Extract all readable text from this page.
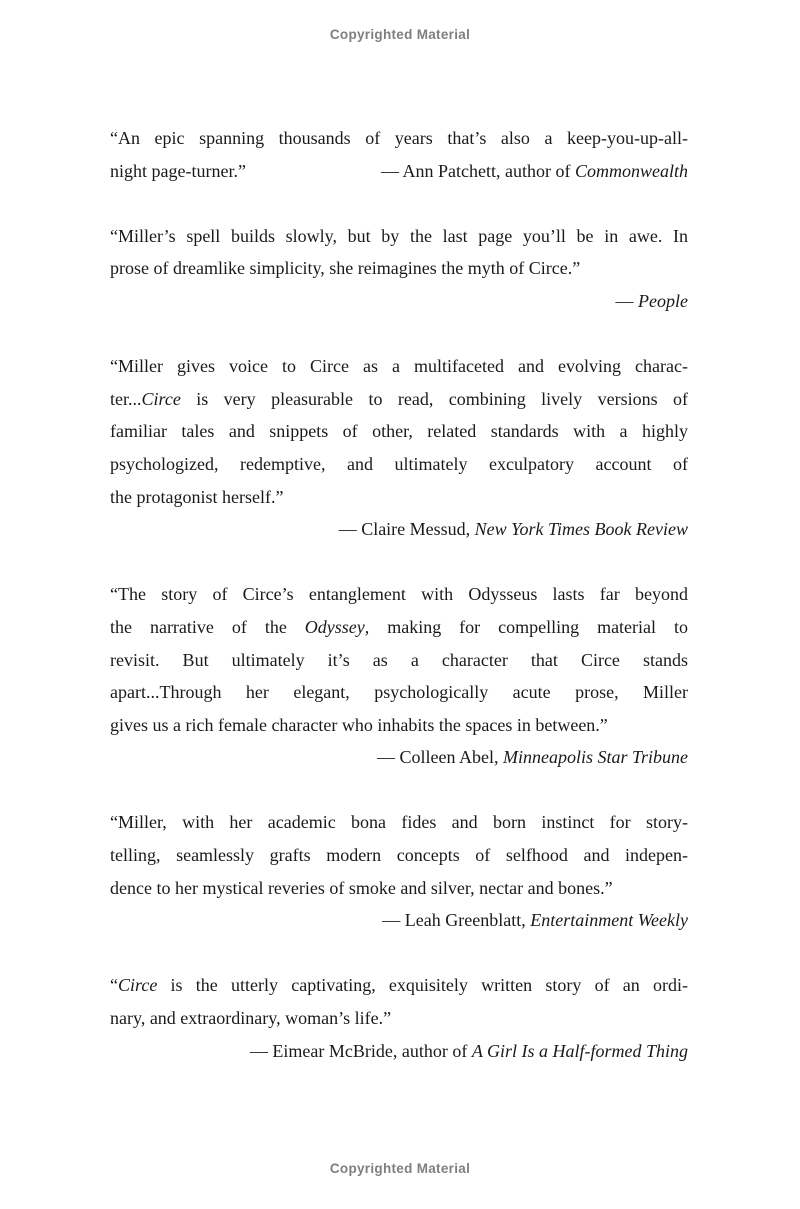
Copyrighted Material
“An epic spanning thousands of years that’s also a keep-you-up-all-
night page-turner.”	— Ann Patchett, author of Commonwealth
“Miller’s spell builds slowly, but by the last page you’ll be in awe. In
prose of dreamlike simplicity, she reimagines the myth of Circe.”
— People
“Miller gives voice to Circe as a multifaceted and evolving charac-
ter...Circe is very pleasurable to read, combining lively versions of
familiar tales and snippets of other, related standards with a highly
psychologized, redemptive, and ultimately exculpatory account of
the protagonist herself.”
— Claire Messud, New York Times Book Review
“The story of Circe’s entanglement with Odysseus lasts far beyond
the narrative of the Odyssey, making for compelling material to
revisit. But ultimately it’s as a character that Circe stands
apart...Through her elegant, psychologically acute prose, Miller
gives us a rich female character who inhabits the spaces in between.”
— Colleen Abel, Minneapolis Star Tribune
“Miller, with her academic bona fides and born instinct for story-
telling, seamlessly grafts modern concepts of selfhood and indepen-
dence to her mystical reveries of smoke and silver, nectar and bones.”
— Leah Greenblatt, Entertainment Weekly
“Circe is the utterly captivating, exquisitely written story of an ordi-
nary, and extraordinary, woman’s life.”
— Eimear McBride, author of A Girl Is a Half-formed Thing
Copyrighted Material
